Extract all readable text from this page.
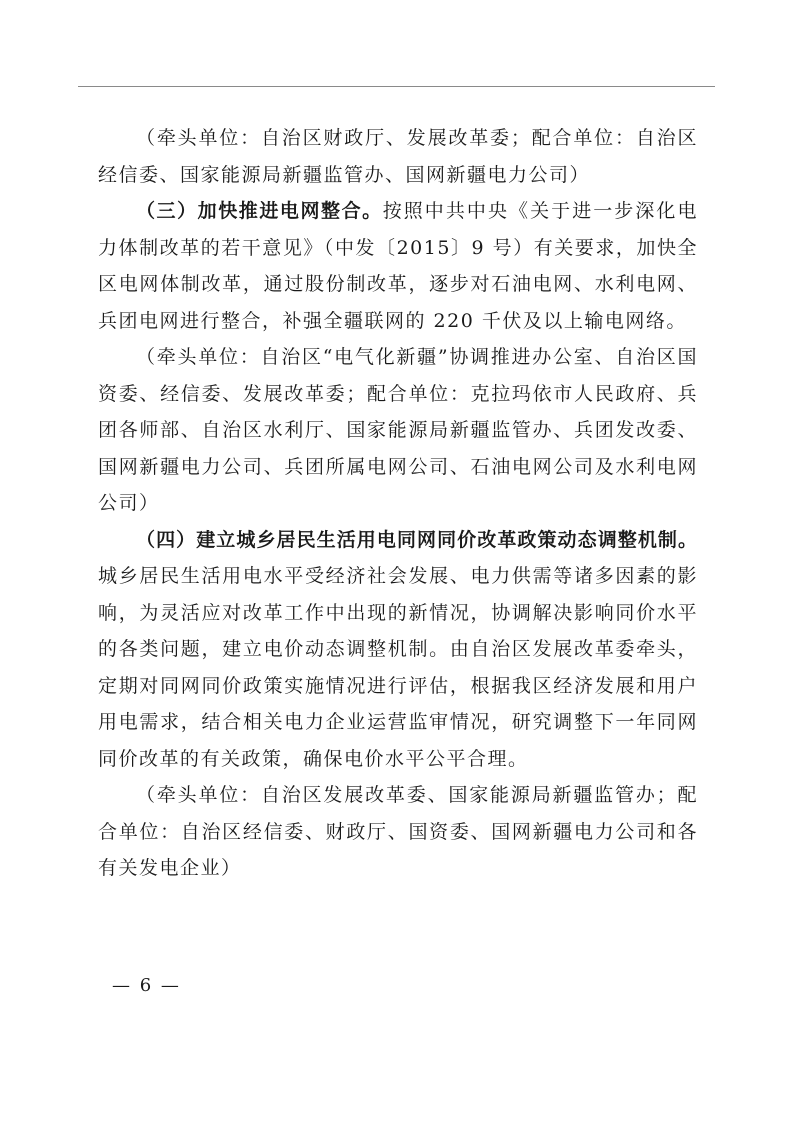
（牵头单位：自治区财政厅、发展改革委；配合单位：自治区经信委、国家能源局新疆监管办、国网新疆电力公司）

（三）加快推进电网整合。按照中共中央《关于进一步深化电力体制改革的若干意见》（中发〔2015〕9 号）有关要求，加快全区电网体制改革，通过股份制改革，逐步对石油电网、水利电网、兵团电网进行整合，补强全疆联网的 220 千伏及以上输电网络。

（牵头单位：自治区“电气化新疆”协调推进办公室、自治区国资委、经信委、发展改革委；配合单位：克拉玛依市人民政府、兵团各师部、自治区水利厅、国家能源局新疆监管办、兵团发改委、国网新疆电力公司、兵团所属电网公司、石油电网公司及水利电网公司）

（四）建立城乡居民生活用电同网同价改革政策动态调整机制。城乡居民生活用电水平受经济社会发展、电力供需等诸多因素的影响，为灵活应对改革工作中出现的新情况，协调解决影响同价水平的各类问题，建立电价动态调整机制。由自治区发展改革委牵头，定期对同网同价政策实施情况进行评估，根据我区经济发展和用户用电需求，结合相关电力企业运营监审情况，研究调整下一年同网同价改革的有关政策，确保电价水平公平合理。

（牵头单位：自治区发展改革委、国家能源局新疆监管办；配合单位：自治区经信委、财政厅、国资委、国网新疆电力公司和各有关发电企业）

— 6 —
